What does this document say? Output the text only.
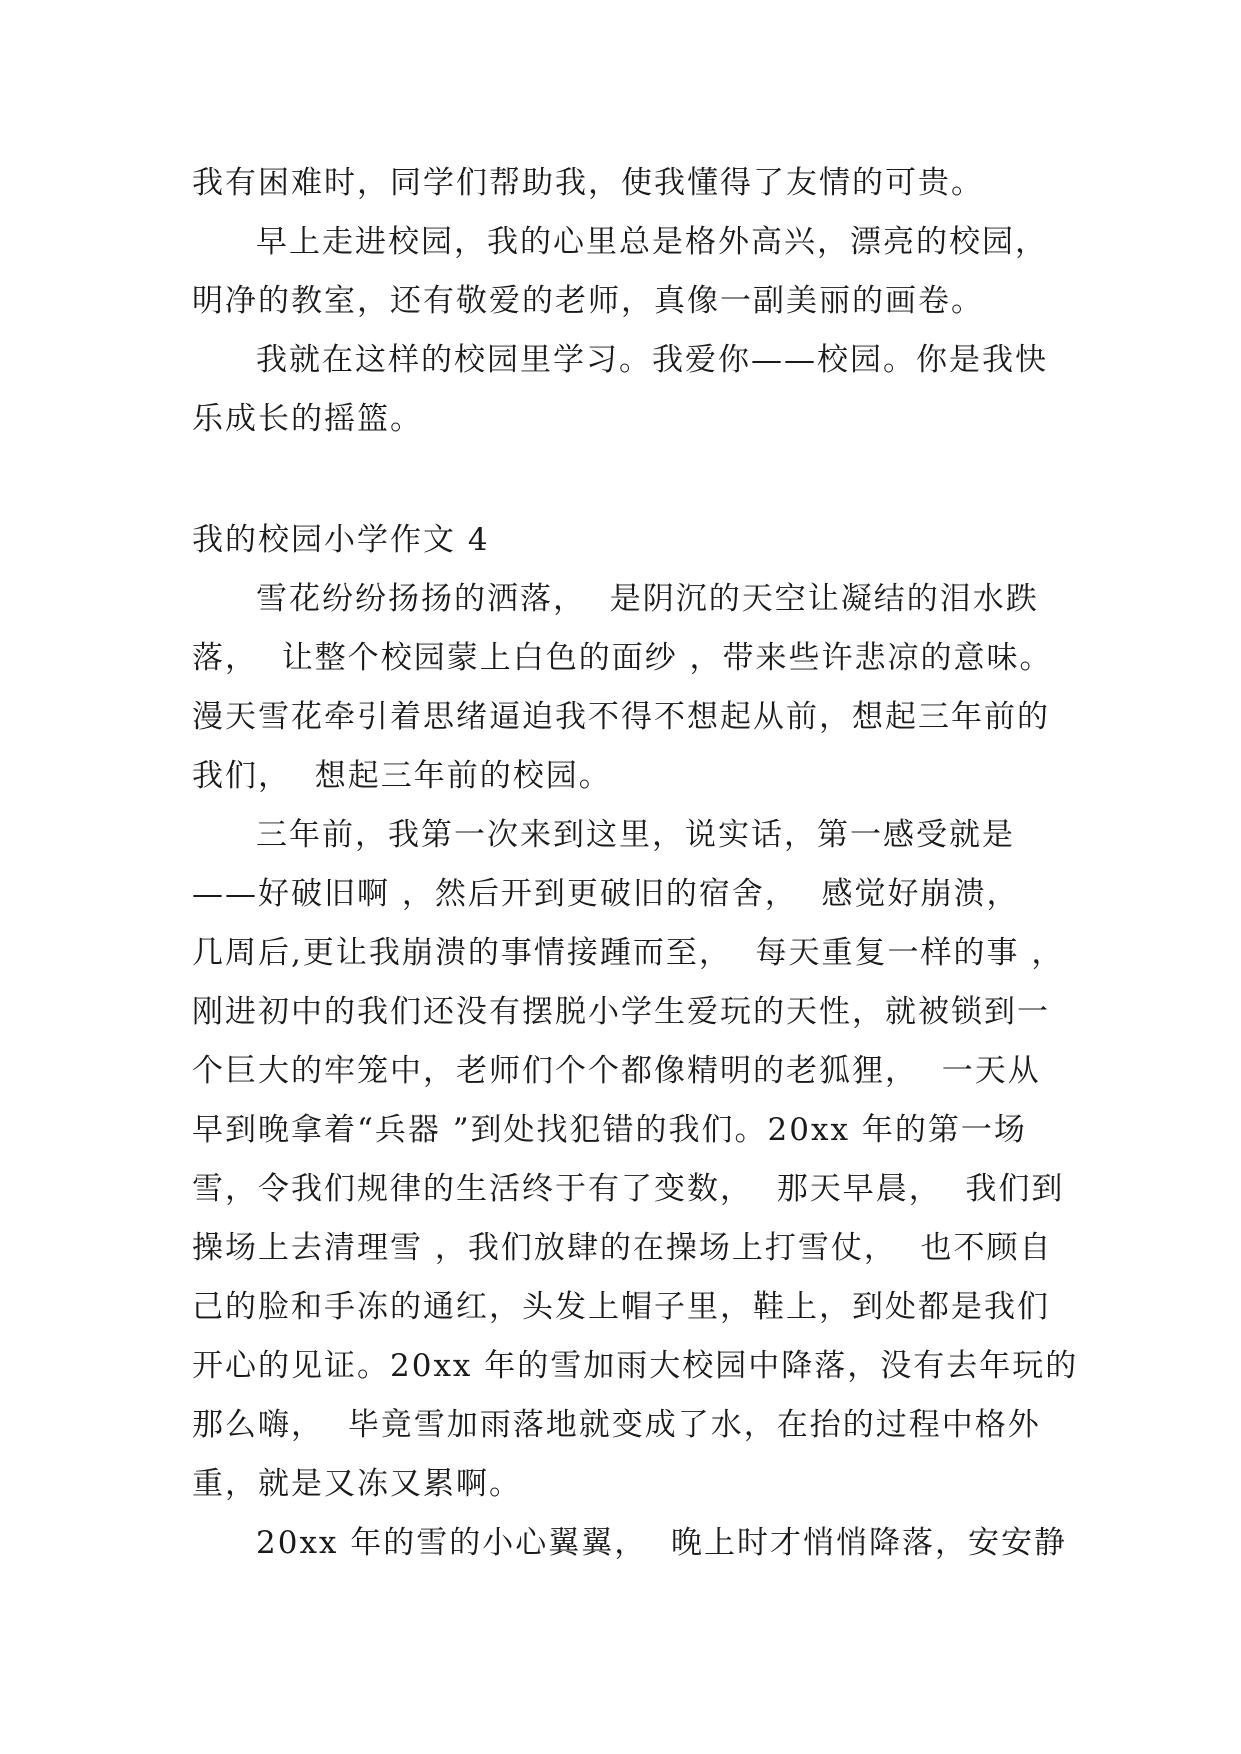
我有困难时，同学们帮助我，使我懂得了友情的可贵。
早上走进校园，我的心里总是格外高兴，漂亮的校园，
明净的教室，还有敬爱的老师，真像一副美丽的画卷。
我就在这样的校园里学习。我爱你——校园。你是我快
乐成长的摇篮。
我的校园小学作文 4
雪花纷纷扬扬的洒落，  是阴沉的天空让凝结的泪水跌
落，  让整个校园蒙上白色的面纱 ，带来些许悲凉的意味。
漫天雪花牵引着思绪逼迫我不得不想起从前，想起三年前的
我们，  想起三年前的校园。
三年前，我第一次来到这里，说实话，第一感受就是
——好破旧啊 ，然后开到更破旧的宿舍，  感觉好崩溃，
几周后,更让我崩溃的事情接踵而至，  每天重复一样的事 ，
刚进初中的我们还没有摆脱小学生爱玩的天性，就被锁到一
个巨大的牢笼中，老师们个个都像精明的老狐狸，  一天从
早到晚拿着“兵器 ”到处找犯错的我们。20xx 年的第一场
雪，令我们规律的生活终于有了变数，  那天早晨，  我们到
操场上去清理雪 ，我们放肆的在操场上打雪仗，  也不顾自
己的脸和手冻的通红，头发上帽子里，鞋上，到处都是我们
开心的见证。20xx 年的雪加雨大校园中降落，没有去年玩的
那么嗨，  毕竟雪加雨落地就变成了水，在抬的过程中格外
重，就是又冻又累啊。
20xx 年的雪的小心翼翼，  晚上时才悄悄降落，安安静
